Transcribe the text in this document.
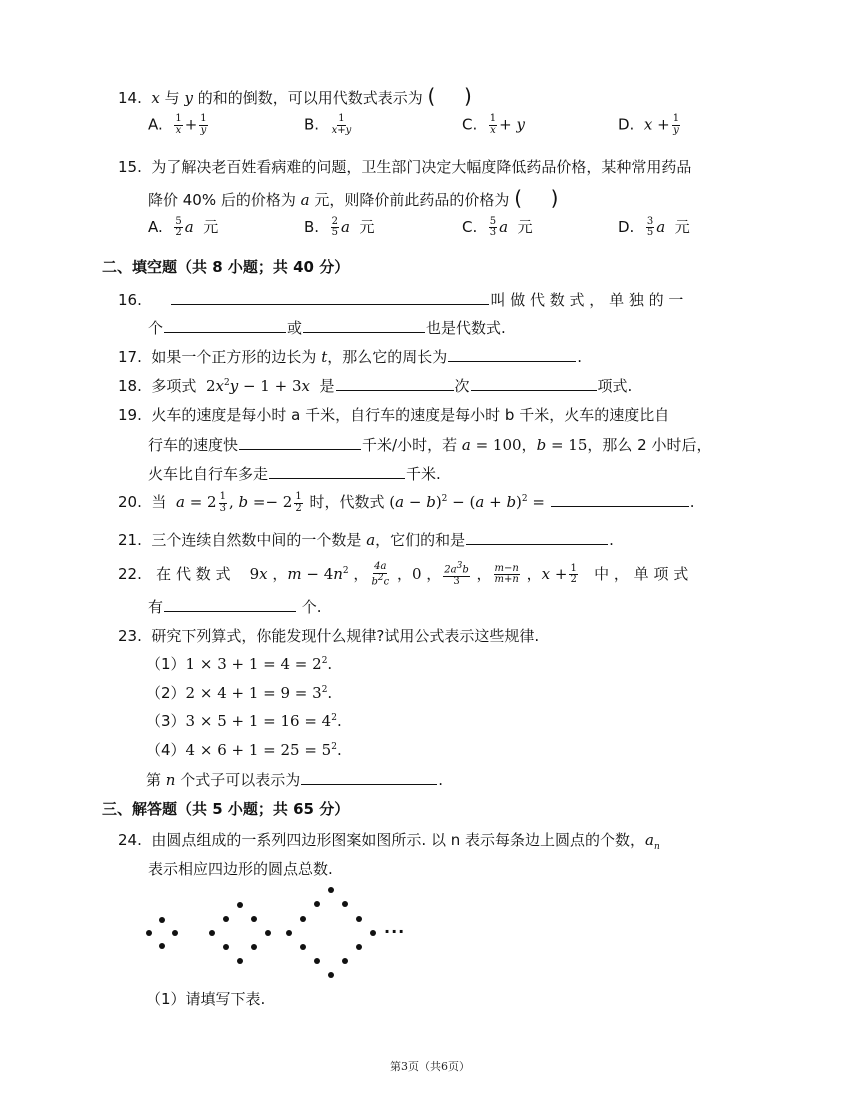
14. x 与 y 的和的倒数，可以用代数式表示为 ( )
A. $\frac{1}{x} + \frac{1}{y}$	B. $\frac{1}{x+y}$	C. $\frac{1}{x} + y$	D. $x + \frac{1}{y}$
15. 为了解决老百姓看病难的问题，卫生部门决定大幅度降低药品价格，某种常用药品
降价 40% 后的价格为 a 元，则降价前此药品的价格为 ( )
A. $\frac{5}{2}$ a 元	B. $\frac{2}{5}$ a 元	C. $\frac{5}{3}$ a 元	D. $\frac{3}{5}$ a 元
二、填空题（共 8 小题；共 40 分）
16.	叫 做 代 数 式 ， 单 独 的 一
个	或	也是代数式.
17. 如果一个正方形的边长为 t，那么它的周长为	.
18. 多项式 $2x^2y - 1 + 3x$ 是	次	项式.
19. 火车的速度是每小时 a 千米，自行车的速度是每小时 b 千米，火车的速度比自
行车的速度快	千米/小时，若 a = 100，b = 15，那么 2 小时后，
火车比自行车多走	千米.
20. 当 $a = 2 \frac{1}{3}$ , $b =- 2 \frac{1}{2}$ 时，代数式 $(a - b)^2 - (a + b)^2$ =	.
21. 三个连续自然数中间的一个数是 a，它们的和是	.
22. 在 代 数 式 9x ，$m - 4n^2$ ， $\frac{4a}{b^2c}$ ，0 ， $\frac{2a^3b}{3}$ ， $\frac{m-n}{m+n}$ ，$x + \frac{1}{2}$ 中 ， 单 项 式
有	个.
23. 研究下列算式，你能发现什么规律?试用公式表示这些规律.
$(1)1 \times 3 + 1 = 4 = 2^2$.
$(2)2 \times 4 + 1 = 9 = 3^2$.
$(3)3 \times 5 + 1 = 16 = 4^2$.
$(4)4 \times 6 + 1 = 25 = 5^2$.
第 n 个式子可以表示为	.
三、解答题（共 5 小题；共 65 分）
24. 由圆点组成的一系列四边形图案如图所示. 以 n 表示每条边上圆点的个数，$a_n$
表示相应四边形的圆点总数.
···
（1）请填写下表.
第3页（共6页）
